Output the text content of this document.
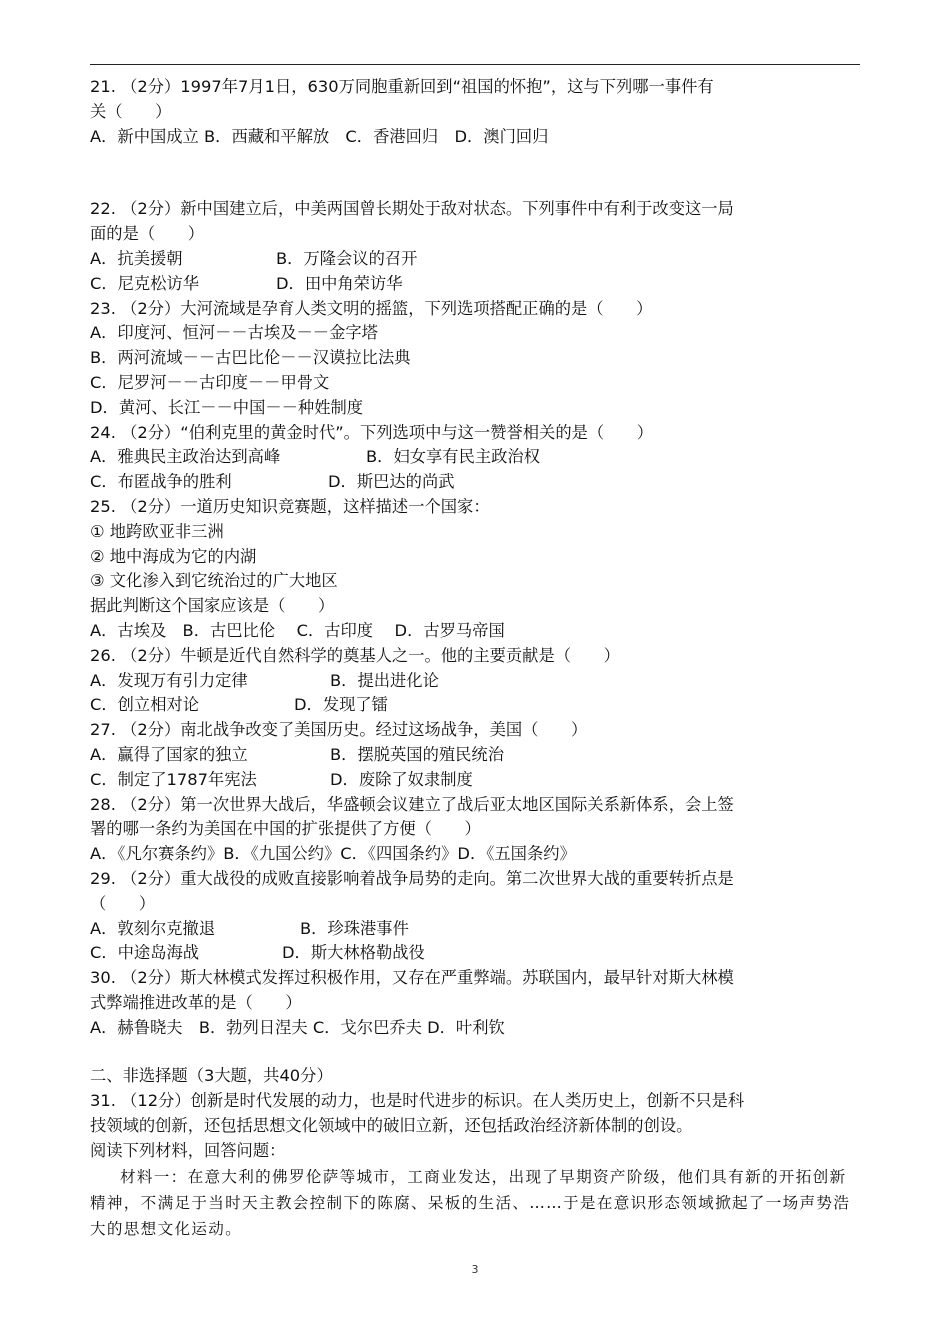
21. （2分）1997年7月1日，630万同胞重新回到“祖国的怀抱”，这与下列哪一事件有
关（　　）
A．新中国成立 B．西藏和平解放　C．香港回归　D．澳门回归
22. （2分）新中国建立后，中美两国曾长期处于敌对状态。下列事件中有利于改变这一局
面的是（　　）
A．抗美援朝	B．万隆会议的召开
C．尼克松访华	D．田中角荣访华
23. （2分）大河流域是孕育人类文明的摇篮，下列选项搭配正确的是（　　）
A．印度河、恒河－－古埃及－－金字塔
B．两河流域－－古巴比伦－－汉谟拉比法典
C．尼罗河－－古印度－－甲骨文
D．黄河、长江－－中国－－种姓制度
24. （2分）“伯利克里的黄金时代”。下列选项中与这一赞誉相关的是（　　）
A．雅典民主政治达到高峰	B．妇女享有民主政治权
C．布匿战争的胜利	D．斯巴达的尚武
25. （2分）一道历史知识竞赛题，这样描述一个国家：
① 地跨欧亚非三洲
② 地中海成为它的内湖
③ 文化渗入到它统治过的广大地区
据此判断这个国家应该是（　　）
A．古埃及　B．古巴比伦　 C．古印度　 D．古罗马帝国
26. （2分）牛顿是近代自然科学的奠基人之一。他的主要贡献是（　　）
A．发现万有引力定律	B．提出进化论
C．创立相对论	D．发现了镭
27. （2分）南北战争改变了美国历史。经过这场战争，美国（　　）
A．赢得了国家的独立	B．摆脱英国的殖民统治
C．制定了1787年宪法	D．废除了奴隶制度
28. （2分）第一次世界大战后，华盛顿会议建立了战后亚太地区国际关系新体系，会上签
署的哪一条约为美国在中国的扩张提供了方便（　　）
A．《凡尔赛条约》B．《九国公约》C．《四国条约》D．《五国条约》
29. （2分）重大战役的成败直接影响着战争局势的走向。第二次世界大战的重要转折点是
（　　）
A．敦刻尔克撤退	B．珍珠港事件
C．中途岛海战	D．斯大林格勒战役
30. （2分）斯大林模式发挥过积极作用，又存在严重弊端。苏联国内，最早针对斯大林模
式弊端推进改革的是（　　）
A．赫鲁晓夫　B．勃列日涅夫 C．戈尔巴乔夫 D．叶利钦
二、非选择题（3大题，共40分）
31. （12分）创新是时代发展的动力，也是时代进步的标识。在人类历史上，创新不只是科
技领域的创新，还包括思想文化领域中的破旧立新，还包括政治经济新体制的创设。
阅读下列材料，回答问题：
材料一：在意大利的佛罗伦萨等城市，工商业发达，出现了早期资产阶级，他们具有新的开拓创新精神，不满足于当时天主教会控制下的陈腐、呆板的生活、……于是在意识形态领域掀起了一场声势浩大的思想文化运动。
3
